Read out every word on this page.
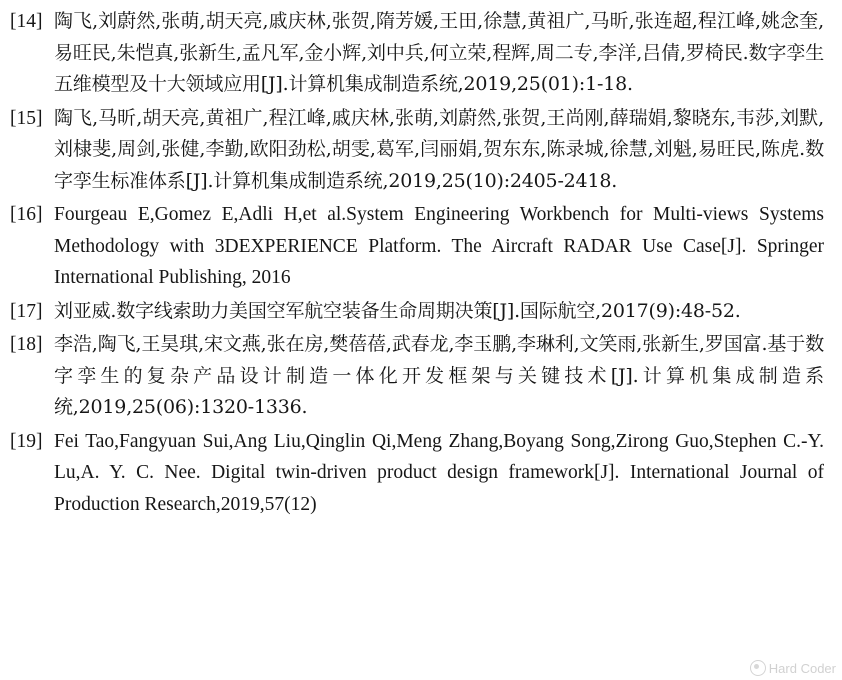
[14] 陶飞,刘蔚然,张萌,胡天亮,戚庆林,张贺,隋芳媛,王田,徐慧,黄祖广,马昕,张连超,程江峰,姚念奎,易旺民,朱恺真,张新生,孟凡军,金小辉,刘中兵,何立荣,程辉,周二专,李洋,吕倩,罗椅民.数字孪生五维模型及十大领域应用[J].计算机集成制造系统,2019,25(01):1-18.
[15] 陶飞,马昕,胡天亮,黄祖广,程江峰,戚庆林,张萌,刘蔚然,张贺,王尚刚,薛瑞娟,黎晓东,韦莎,刘默,刘棣斐,周剑,张健,李勤,欧阳劲松,胡雯,葛军,闫丽娟,贺东东,陈录城,徐慧,刘魁,易旺民,陈虎.数字孪生标准体系[J].计算机集成制造系统,2019,25(10):2405-2418.
[16] Fourgeau E,Gomez E,Adli H,et al.System Engineering Workbench for Multi-views Systems Methodology with 3DEXPERIENCE Platform. The Aircraft RADAR Use Case[J]. Springer International Publishing, 2016
[17] 刘亚威.数字线索助力美国空军航空装备生命周期决策[J].国际航空,2017(9):48-52.
[18] 李浩,陶飞,王昊琪,宋文燕,张在房,樊蓓蓓,武春龙,李玉鹏,李琳利,文笑雨,张新生,罗国富.基于数字孪生的复杂产品设计制造一体化开发框架与关键技术[J].计算机集成制造系统,2019,25(06):1320-1336.
[19] Fei Tao,Fangyuan Sui,Ang Liu,Qinglin Qi,Meng Zhang,Boyang Song,Zirong Guo,Stephen C.-Y. Lu,A. Y. C. Nee. Digital twin-driven product design framework[J]. International Journal of Production Research,2019,57(12)
Hard Coder
